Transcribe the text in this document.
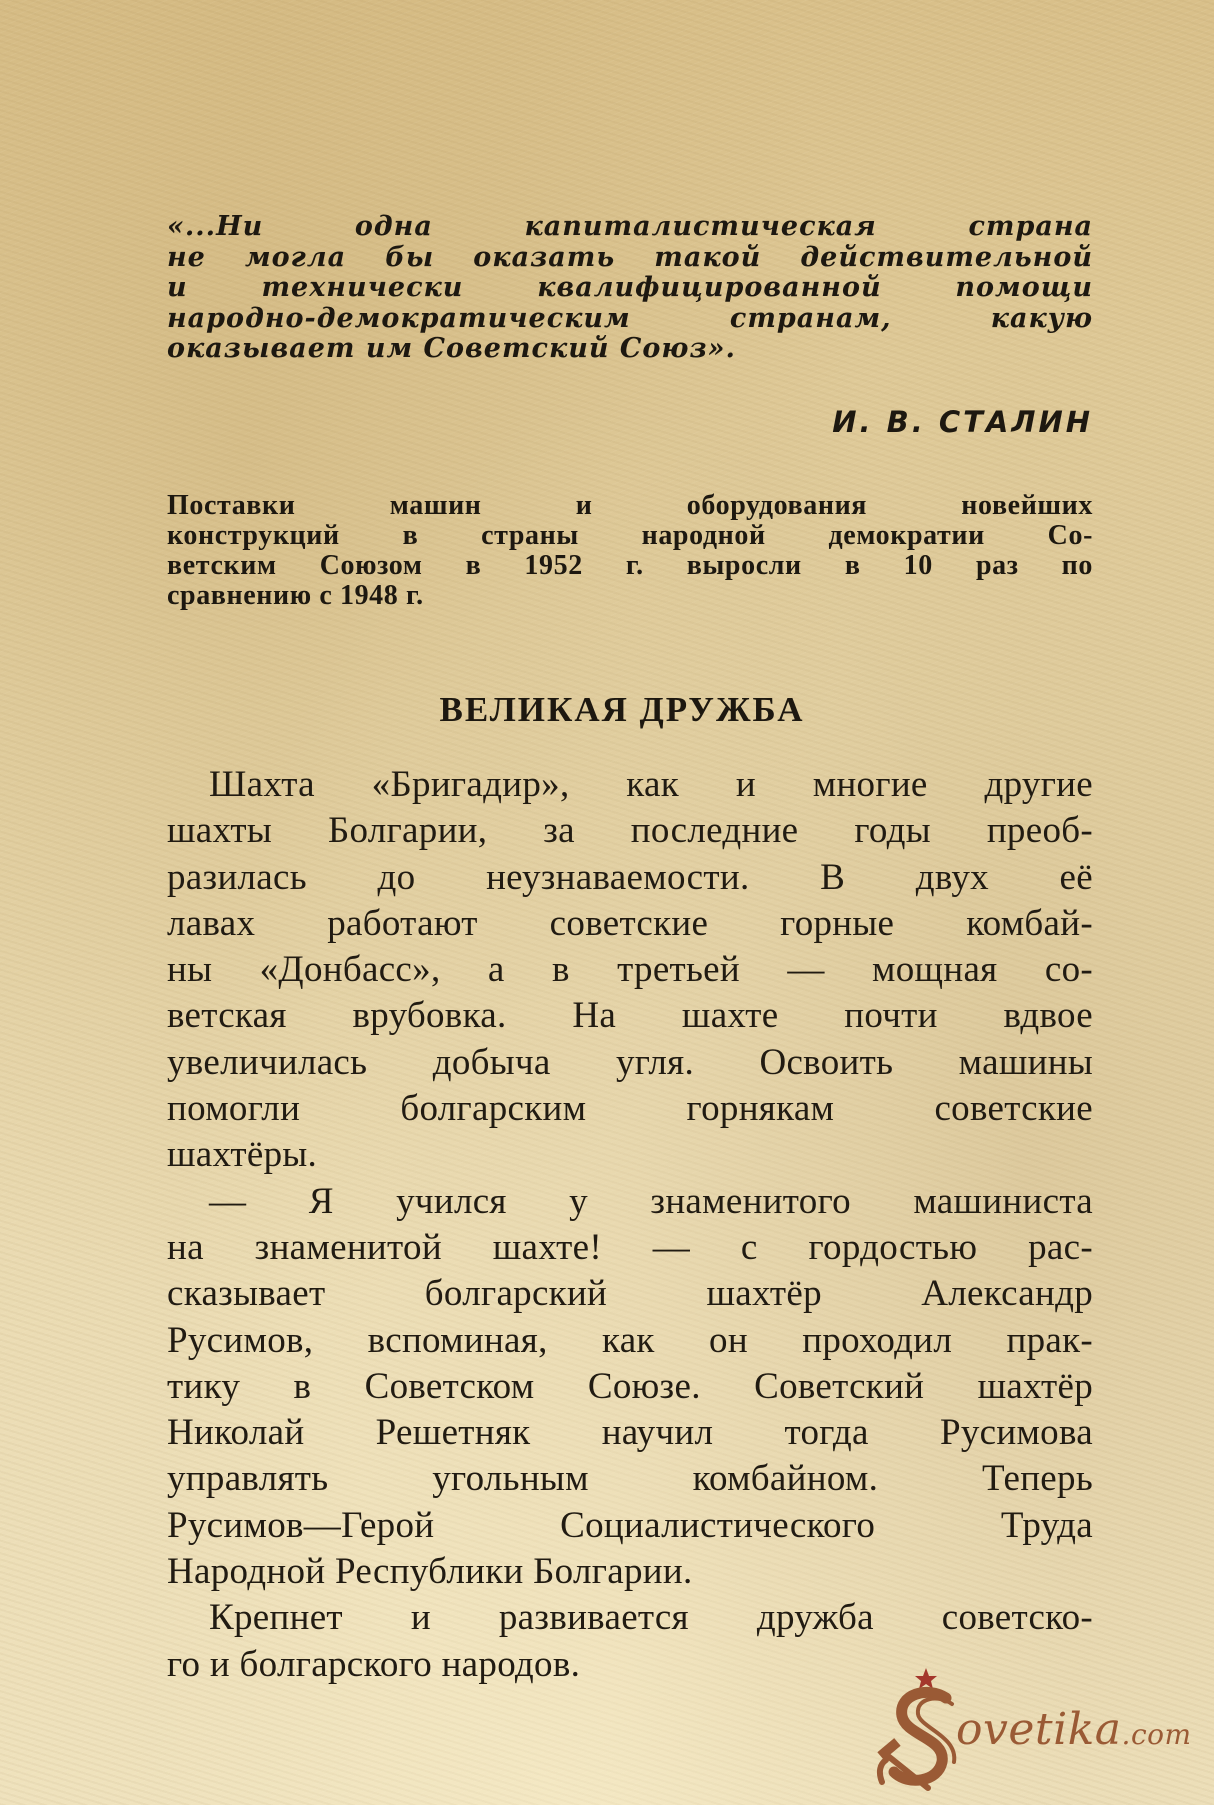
«...Ни одна капиталистическая страна
не могла бы оказать такой действительной
и технически квалифицированной помощи
народно-демократическим странам, какую
оказывает им Советский Союз».
И. В. СТАЛИН
Поставки машин и оборудования новейших
конструкций в страны народной демократии Со-
ветским Союзом в 1952 г. выросли в 10 раз по
сравнению с 1948 г.
ВЕЛИКАЯ ДРУЖБА
Шахта «Бригадир», как и многие другие
шахты Болгарии, за последние годы преоб-
разилась до неузнаваемости. В двух её
лавах работают советские горные комбай-
ны «Донбасс», а в третьей — мощная со-
ветская врубовка. На шахте почти вдвое
увеличилась добыча угля. Освоить машины
помогли болгарским горнякам советские
шахтёры.
— Я учился у знаменитого машиниста
на знаменитой шахте! — с гордостью рас-
сказывает болгарский шахтёр Александр
Русимов, вспоминая, как он проходил прак-
тику в Советском Союзе. Советский шахтёр
Николай Решетняк научил тогда Русимова
управлять угольным комбайном. Теперь
Русимов—Герой Социалистического Труда
Народной Республики Болгарии.
Крепнет и развивается дружба советско-
го и болгарского народов.
ovetika.com
